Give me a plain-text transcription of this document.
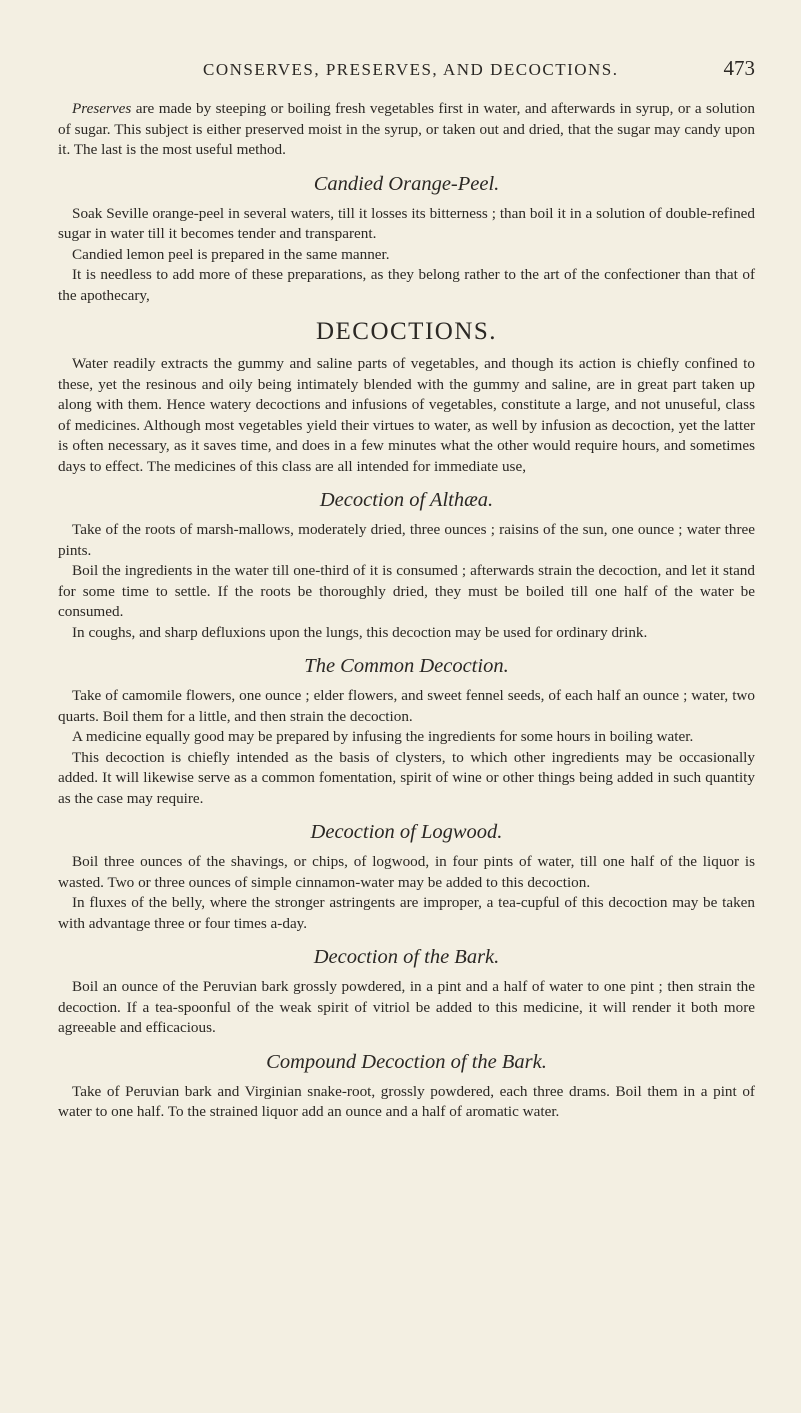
CONSERVES, PRESERVES, AND DECOCTIONS.	473

Preserves are made by steeping or boiling fresh vegetables first in water, and afterwards in syrup, or a solution of sugar. This subject is either preserved moist in the syrup, or taken out and dried, that the sugar may candy upon it. The last is the most useful method.

Candied Orange-Peel.

Soak Seville orange-peel in several waters, till it losses its bitterness ; than boil it in a solution of double-refined sugar in water till it becomes tender and transparent.

Candied lemon peel is prepared in the same manner.

It is needless to add more of these preparations, as they belong rather to the art of the confectioner than that of the apothecary,

DECOCTIONS.

Water readily extracts the gummy and saline parts of vegetables, and though its action is chiefly confined to these, yet the resinous and oily being intimately blended with the gummy and saline, are in great part taken up along with them. Hence watery decoctions and infusions of vegetables, constitute a large, and not unuseful, class of medicines. Although most vegetables yield their virtues to water, as well by infusion as decoction, yet the latter is often necessary, as it saves time, and does in a few minutes what the other would require hours, and sometimes days to effect. The medicines of this class are all intended for immediate use,

Decoction of Althæa.

Take of the roots of marsh-mallows, moderately dried, three ounces ; raisins of the sun, one ounce ; water three pints.

Boil the ingredients in the water till one-third of it is consumed ; afterwards strain the decoction, and let it stand for some time to settle. If the roots be thoroughly dried, they must be boiled till one half of the water be consumed.

In coughs, and sharp defluxions upon the lungs, this decoction may be used for ordinary drink.

The Common Decoction.

Take of camomile flowers, one ounce ; elder flowers, and sweet fennel seeds, of each half an ounce ; water, two quarts. Boil them for a little, and then strain the decoction.

A medicine equally good may be prepared by infusing the ingredients for some hours in boiling water.

This decoction is chiefly intended as the basis of clysters, to which other ingredients may be occasionally added. It will likewise serve as a common fomentation, spirit of wine or other things being added in such quantity as the case may require.

Decoction of Logwood.

Boil three ounces of the shavings, or chips, of logwood, in four pints of water, till one half of the liquor is wasted. Two or three ounces of simple cinnamon-water may be added to this decoction.

In fluxes of the belly, where the stronger astringents are improper, a tea-cupful of this decoction may be taken with advantage three or four times a-day.

Decoction of the Bark.

Boil an ounce of the Peruvian bark grossly powdered, in a pint and a half of water to one pint ; then strain the decoction. If a tea-spoonful of the weak spirit of vitriol be added to this medicine, it will render it both more agreeable and efficacious.

Compound Decoction of the Bark.

Take of Peruvian bark and Virginian snake-root, grossly powdered, each three drams. Boil them in a pint of water to one half. To the strained liquor add an ounce and a half of aromatic water.
